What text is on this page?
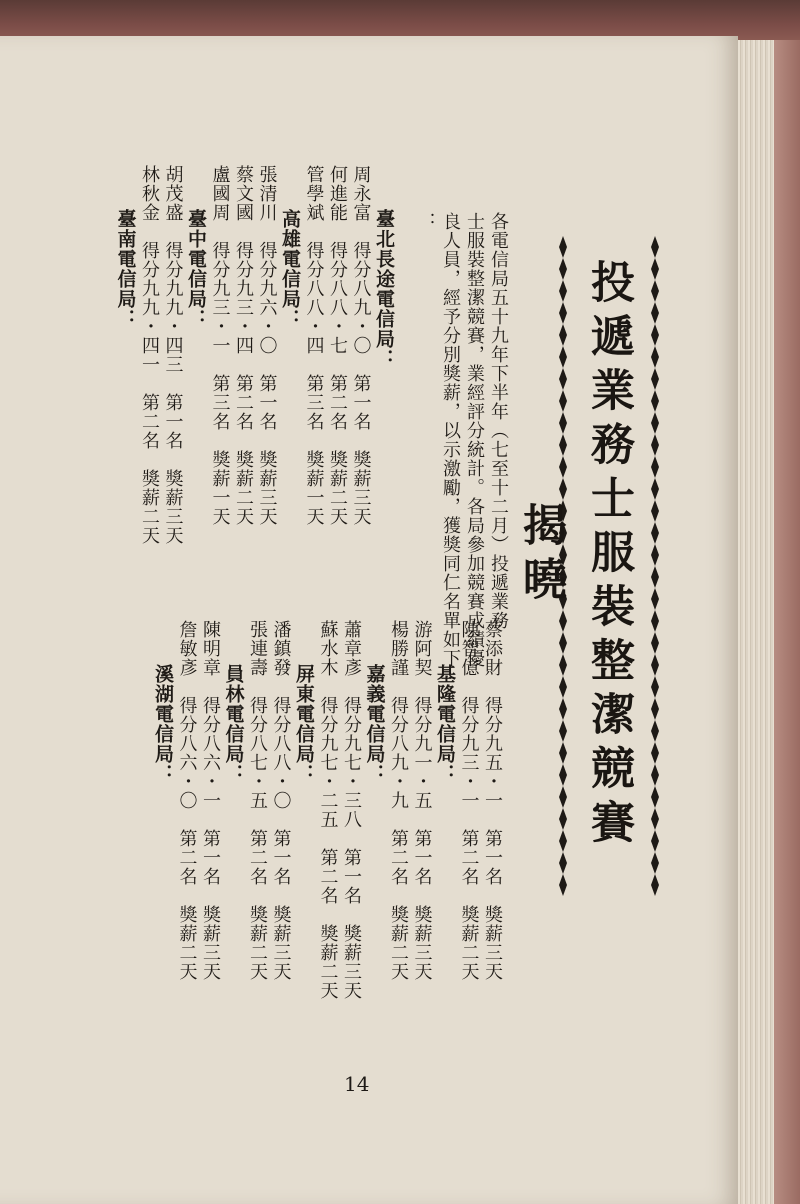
投遞業務士服裝整潔競賽揭曉
各電信局五十九年下半年（七至十二月）投遞業務
士服裝整潔競賽，業經評分統計。各局參加競賽成績優
良人員，經予分別獎薪，以示激勵，獲獎同仁名單如下
：
臺北長途電信局：
周永富　得分八九・〇　第一名　獎薪三天
何進能　得分八八・七　第二名　獎薪二天
管學斌　得分八八・四　第三名　獎薪一天
高雄電信局：
張清川　得分九六・〇　第一名　獎薪三天
蔡文國　得分九三・四　第二名　獎薪二天
盧國周　得分九三・一　第三名　獎薪一天
臺中電信局：
胡茂盛　得分九九・四三　第一名　獎薪三天
林秋金　得分九九・四一　第二名　獎薪二天
臺南電信局：
蔡添財　得分九五・一　第一名　獎薪三天
陳智億　得分九三・一　第二名　獎薪二天
基隆電信局：
游阿契　得分九一・五　第一名　獎薪三天
楊勝謹　得分八九・九　第二名　獎薪二天
嘉義電信局：
蕭章彥　得分九七・三八　第一名　獎薪三天
蘇水木　得分九七・二五　第二名　獎薪二天
屏東電信局：
潘鎮發　得分八八・〇　第一名　獎薪三天
張連壽　得分八七・五　第二名　獎薪二天
員林電信局：
陳明章　得分八六・一　第一名　獎薪三天
詹敏彥　得分八六・〇　第二名　獎薪二天
溪湖電信局：
14
